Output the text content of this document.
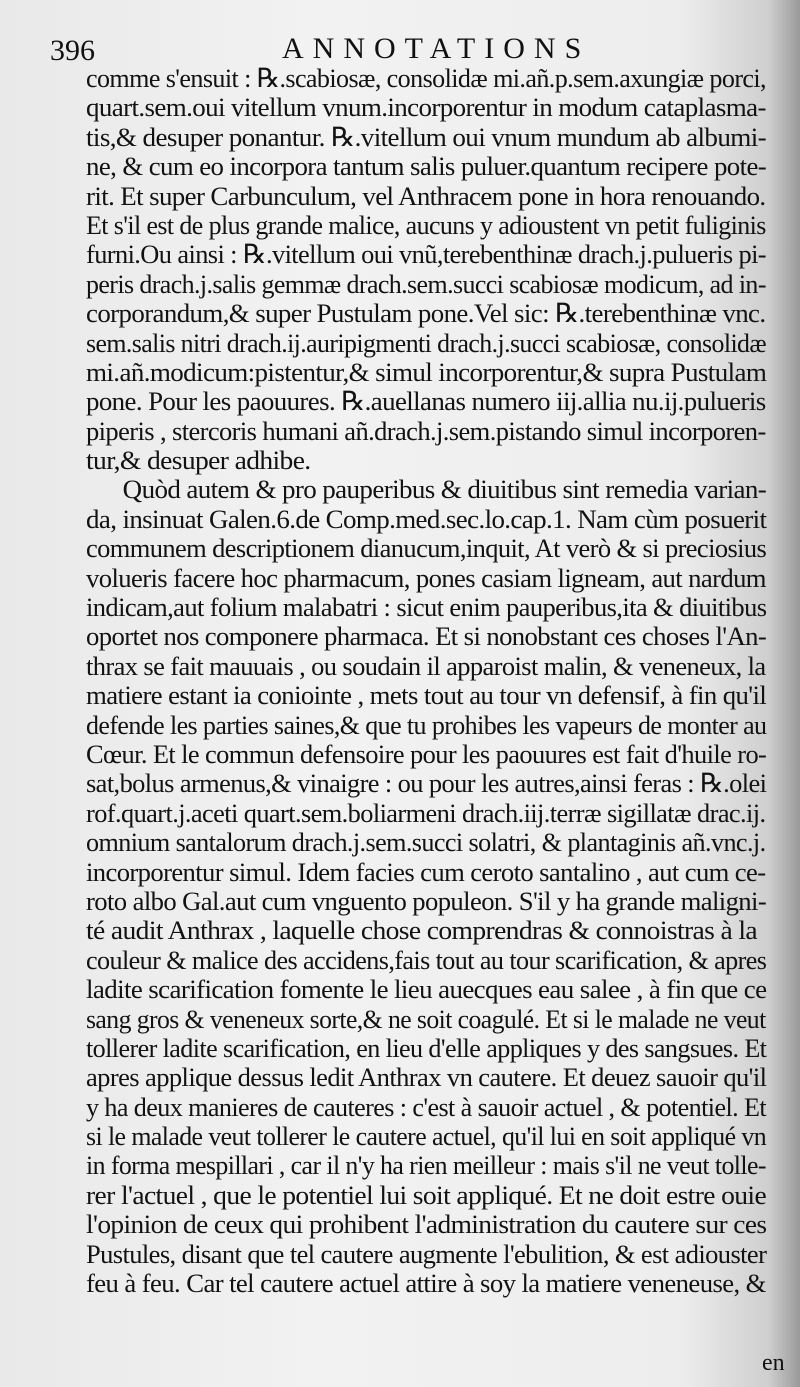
396	ANNOTATIONS
comme s'ensuit : ℞.scabiosæ, consolidæ mi.añ.p.sem.axungiæ porci,
quart.sem.oui vitellum vnum.incorporentur in modum cataplasma-
tis,& desuper ponantur. ℞.vitellum oui vnum mundum ab albumi-
ne, & cum eo incorpora tantum salis puluer.quantum recipere pote-
rit. Et super Carbunculum, vel Anthracem pone in hora renouando.
Et s'il est de plus grande malice, aucuns y adioustent vn petit fuliginis
furni.Ou ainsi : ℞.vitellum oui vnũ,terebenthinæ drach.j.pulueris pi-
peris drach.j.salis gemmæ drach.sem.succi scabiosæ modicum, ad in-
corporandum,& super Pustulam pone.Vel sic: ℞.terebenthinæ vnc.
sem.salis nitri drach.ij.auripigmenti drach.j.succi scabiosæ, consolidæ
mi.añ.modicum:pistentur,& simul incorporentur,& supra Pustulam
pone. Pour les paouures. ℞.auellanas numero iij.allia nu.ij.pulueris
piperis , stercoris humani añ.drach.j.sem.pistando simul incorporen-
tur,& desuper adhibe.
Quòd autem & pro pauperibus & diuitibus sint remedia varian-
da, insinuat Galen.6.de Comp.med.sec.lo.cap.1. Nam cùm posuerit
communem descriptionem dianucum,inquit, At verò & si preciosius
volueris facere hoc pharmacum, pones casiam ligneam, aut nardum
indicam,aut folium malabatri : sicut enim pauperibus,ita & diuitibus
oportet nos componere pharmaca. Et si nonobstant ces choses l'An-
thrax se fait mauuais , ou soudain il apparoist malin, & veneneux, la
matiere estant ia coniointe , mets tout au tour vn defensif, à fin qu'il
defende les parties saines,& que tu prohibes les vapeurs de monter au
Cœur. Et le commun defensoire pour les paouures est fait d'huile ro-
sat,bolus armenus,& vinaigre : ou pour les autres,ainsi feras : ℞.olei
rof.quart.j.aceti quart.sem.boliarmeni drach.iij.terræ sigillatæ drac.ij.
omnium santalorum drach.j.sem.succi solatri, & plantaginis añ.vnc.j.
incorporentur simul. Idem facies cum ceroto santalino , aut cum ce-
roto albo Gal.aut cum vnguento populeon. S'il y ha grande maligni-
té audit Anthrax , laquelle chose comprendras & connoistras à la
couleur & malice des accidens,fais tout au tour scarification, & apres
ladite scarification fomente le lieu auecques eau salee , à fin que ce
sang gros & veneneux sorte,& ne soit coagulé. Et si le malade ne veut
tollerer ladite scarification, en lieu d'elle appliques y des sangsues. Et
apres applique dessus ledit Anthrax vn cautere. Et deuez sauoir qu'il
y ha deux manieres de cauteres : c'est à sauoir actuel , & potentiel. Et
si le malade veut tollerer le cautere actuel, qu'il lui en soit appliqué vn
in forma mespillari , car il n'y ha rien meilleur : mais s'il ne veut tolle-
rer l'actuel , que le potentiel lui soit appliqué. Et ne doit estre ouie
l'opinion de ceux qui prohibent l'administration du cautere sur ces
Pustules, disant que tel cautere augmente l'ebulition, & est adiouster
feu à feu. Car tel cautere actuel attire à soy la matiere veneneuse, &
en
